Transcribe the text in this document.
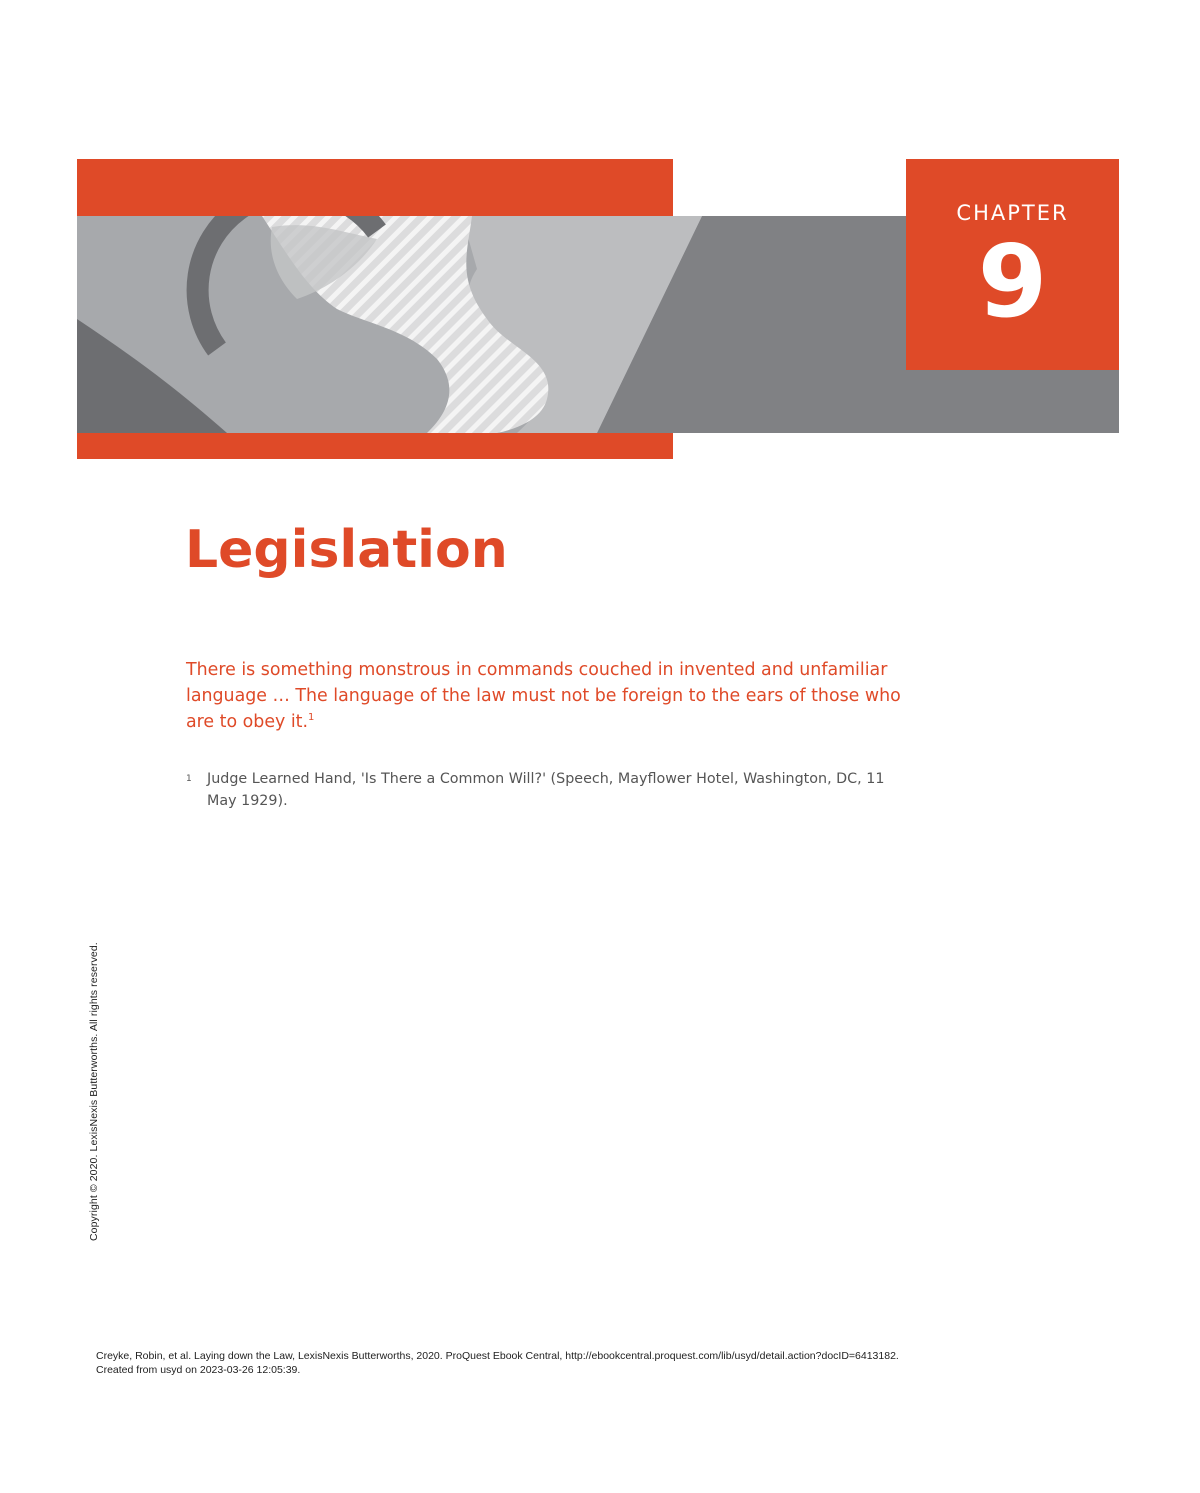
CHAPTER
9
Legislation
There is something monstrous in commands couched in invented and unfamiliar language … The language of the law must not be foreign to the ears of those who are to obey it.$^1$
1	Judge Learned Hand, 'Is There a Common Will?' (Speech, Mayflower Hotel, Washington, DC, 11 May 1929).
Copyright © 2020. LexisNexis Butterworths. All rights reserved.
Creyke, Robin, et al. Laying down the Law, LexisNexis Butterworths, 2020. ProQuest Ebook Central, http://ebookcentral.proquest.com/lib/usyd/detail.action?docID=6413182.
Created from usyd on 2023-03-26 12:05:39.
